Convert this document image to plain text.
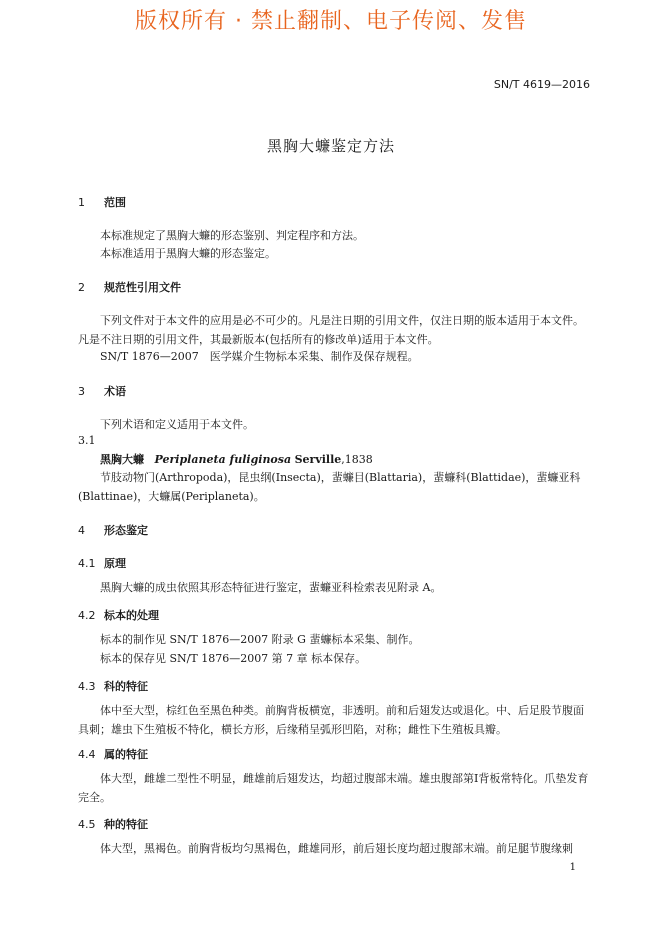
版权所有 · 禁止翻制、电子传阅、发售
SN/T 4619—2016
黑胸大蠊鉴定方法
1 范围
本标准规定了黑胸大蠊的形态鉴别、判定程序和方法。
本标准适用于黑胸大蠊的形态鉴定。
2 规范性引用文件
下列文件对于本文件的应用是必不可少的。凡是注日期的引用文件，仅注日期的版本适用于本文件。凡是不注日期的引用文件，其最新版本(包括所有的修改单)适用于本文件。
SN/T 1876—2007　医学媒介生物标本采集、制作及保存规程。
3 术语
下列术语和定义适用于本文件。
3.1
黑胸大蠊 Periplaneta fuliginosa Serville,1838
节肢动物门(Arthropoda)，昆虫纲(Insecta)，蜚蠊目(Blattaria)，蜚蠊科(Blattidae)，蜚蠊亚科(Blattinae)，大蠊属(Periplaneta)。
4 形态鉴定
4.1 原理
黑胸大蠊的成虫依照其形态特征进行鉴定，蜚蠊亚科检索表见附录 A。
4.2 标本的处理
标本的制作见 SN/T 1876—2007 附录 G 蜚蠊标本采集、制作。
标本的保存见 SN/T 1876—2007 第 7 章 标本保存。
4.3 科的特征
体中至大型，棕红色至黑色种类。前胸背板横宽，非透明。前和后翅发达或退化。中、后足股节腹面具刺；雄虫下生殖板不特化，横长方形，后缘稍呈弧形凹陷，对称；雌性下生殖板具瓣。
4.4 属的特征
体大型，雌雄二型性不明显，雌雄前后翅发达，均超过腹部末端。雄虫腹部第Ⅰ背板常特化。爪垫发育完全。
4.5 种的特征
体大型，黑褐色。前胸背板均匀黑褐色，雌雄同形，前后翅长度均超过腹部末端。前足腿节腹缘刺
1
